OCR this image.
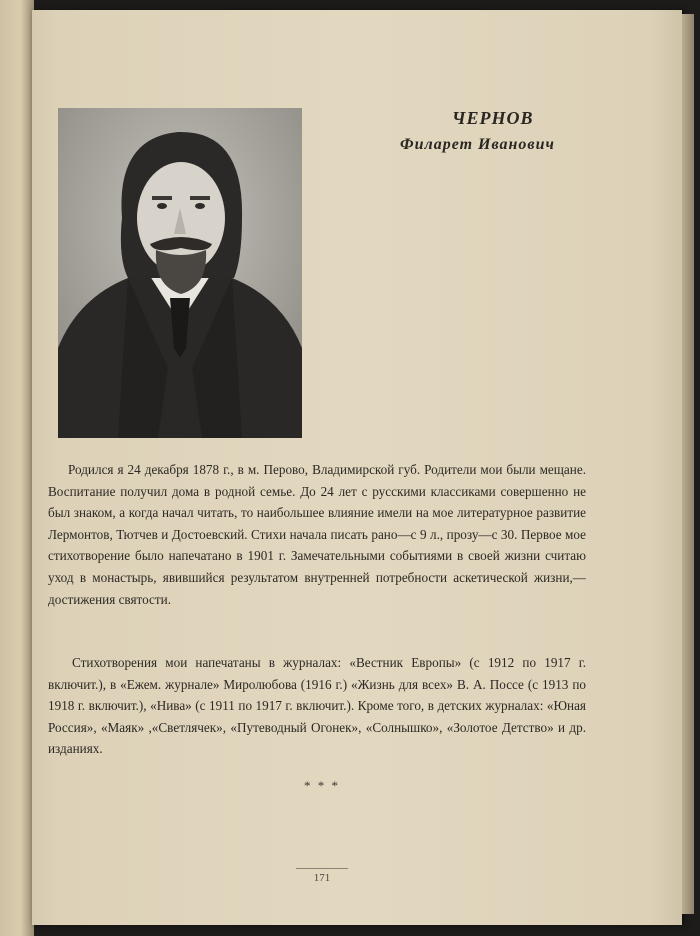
ЧЕРНОВ
Филарет Иванович

Родился я 24 декабря 1878 г., в м. Перово, Владимирской губ. Родители мои были мещане. Воспитание получил дома в родной семье. До 24 лет с русскими классиками совершенно не был знаком, а когда начал читать, то наибольшее влияние имели на мое литературное развитие Лермонтов, Тютчев и Достоевский. Стихи начала писать рано—с 9 л., прозу—с 30. Первое мое стихотворение было напечатано в 1901 г. Замечательными событиями в своей жизни считаю уход в монастырь, явившийся результатом внутренней потребности аскетической жизни,—достижения святости.

Стихотворения мои напечатаны в журналах: «Вестник Европы» (с 1912 по 1917 г. включит.), в «Ежем. журнале» Миролюбова (1916 г.) «Жизнь для всех» В. А. Поссе (с 1913 по 1918 г. включит.), «Нива» (с 1911 по 1917 г. включит.). Кроме того, в детских журналах: «Юная Россия», «Маяк» ,«Светлячек», «Путеводный Огонек», «Солнышко», «Золотое Детство» и др. изданиях.

* * *
171
